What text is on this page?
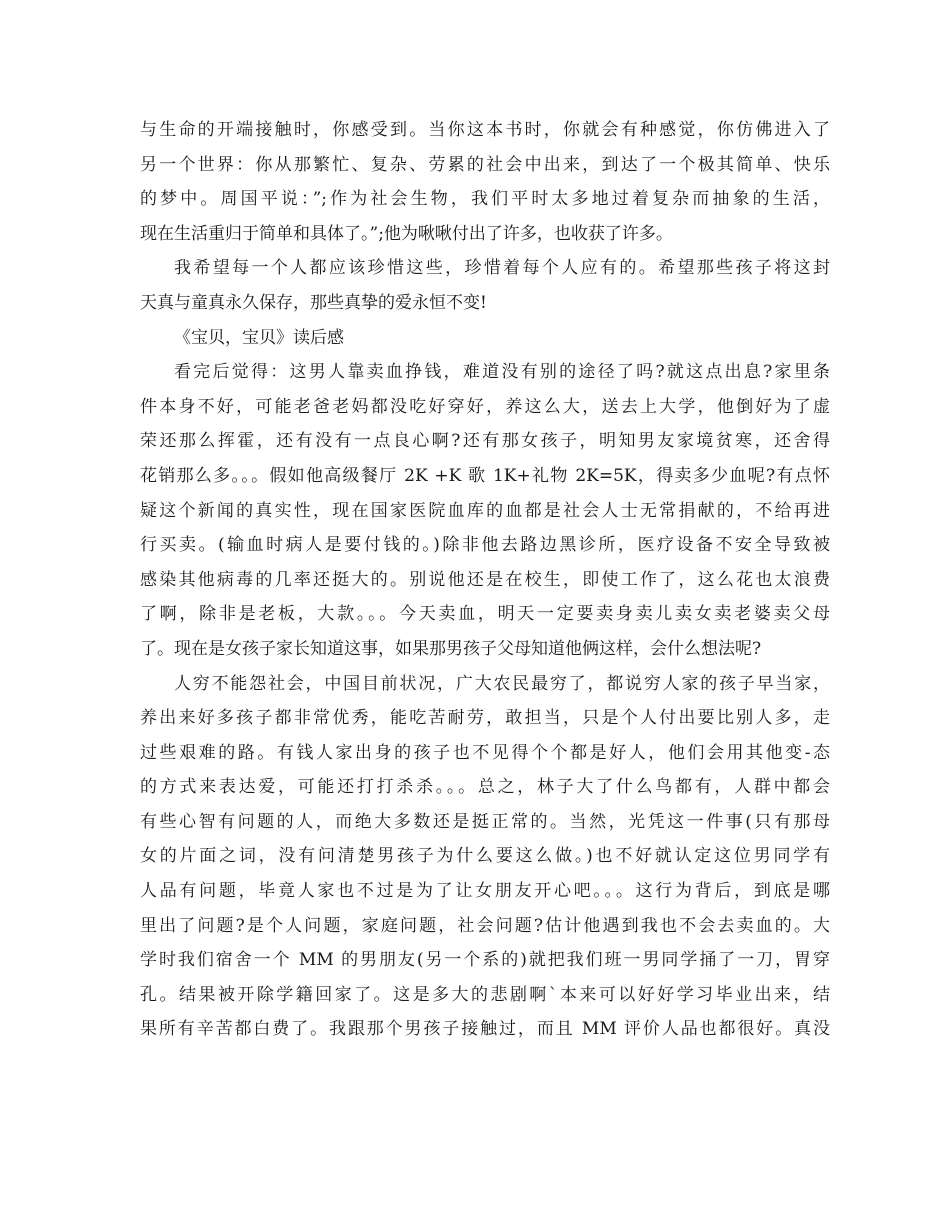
与生命的开端接触时，你感受到。当你这本书时，你就会有种感觉，你仿佛进入了
另一个世界：你从那繁忙、复杂、劳累的社会中出来，到达了一个极其简单、快乐
的梦中。周国平说：”;作为社会生物，我们平时太多地过着复杂而抽象的生活，
现在生活重归于简单和具体了。”;他为啾啾付出了许多，也收获了许多。
我希望每一个人都应该珍惜这些，珍惜着每个人应有的。希望那些孩子将这封
天真与童真永久保存，那些真挚的爱永恒不变!
《宝贝，宝贝》读后感
看完后觉得：这男人靠卖血挣钱，难道没有别的途径了吗?就这点出息?家里条
件本身不好，可能老爸老妈都没吃好穿好，养这么大，送去上大学，他倒好为了虚
荣还那么挥霍，还有没有一点良心啊?还有那女孩子，明知男友家境贫寒，还舍得
花销那么多。。。假如他高级餐厅 2K +K 歌 1K+礼物 2K=5K，得卖多少血呢?有点怀
疑这个新闻的真实性，现在国家医院血库的血都是社会人士无常捐献的，不给再进
行买卖。(输血时病人是要付钱的。)除非他去路边黑诊所，医疗设备不安全导致被
感染其他病毒的几率还挺大的。别说他还是在校生，即使工作了，这么花也太浪费
了啊，除非是老板，大款。。。今天卖血，明天一定要卖身卖儿卖女卖老婆卖父母
了。现在是女孩子家长知道这事，如果那男孩子父母知道他俩这样，会什么想法呢?
人穷不能怨社会，中国目前状况，广大农民最穷了，都说穷人家的孩子早当家，
养出来好多孩子都非常优秀，能吃苦耐劳，敢担当，只是个人付出要比别人多，走
过些艰难的路。有钱人家出身的孩子也不见得个个都是好人，他们会用其他变-态
的方式来表达爱，可能还打打杀杀。。。总之，林子大了什么鸟都有，人群中都会
有些心智有问题的人，而绝大多数还是挺正常的。当然，光凭这一件事(只有那母
女的片面之词，没有问清楚男孩子为什么要这么做。)也不好就认定这位男同学有
人品有问题，毕竟人家也不过是为了让女朋友开心吧。。。这行为背后，到底是哪
里出了问题?是个人问题，家庭问题，社会问题?估计他遇到我也不会去卖血的。大
学时我们宿舍一个 MM 的男朋友(另一个系的)就把我们班一男同学捅了一刀，胃穿
孔。结果被开除学籍回家了。这是多大的悲剧啊`本来可以好好学习毕业出来，结
果所有辛苦都白费了。我跟那个男孩子接触过，而且 MM 评价人品也都很好。真没
